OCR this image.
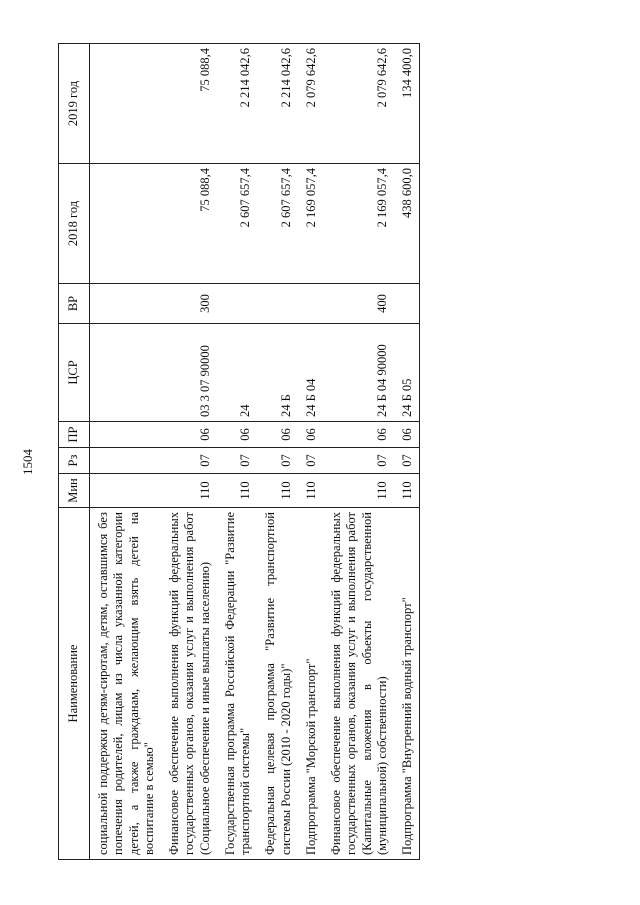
1504
Наименование	Мин	Рз	ПР	ЦСР	ВР	2018 год	2019 год
социальной поддержки детям-сиротам, детям, оставшимся без попечения родителей, лицам из числа указанной категории детей, а также гражданам, желающим взять детей на воспитание в семью"							
Финансовое обеспечение выполнения функций федеральных государственных органов, оказания услуг и выполнения работ (Социальное обеспечение и иные выплаты населению)	110	07	06	03 3 07 90000	300	75 088,4	75 088,4
Государственная программа Российской Федерации "Развитие транспортной системы"	110	07	06	24		2 607 657,4	2 214 042,6
Федеральная целевая программа "Развитие транспортной системы России (2010 - 2020 годы)"	110	07	06	24 Б		2 607 657,4	2 214 042,6
Подпрограмма "Морской транспорт"	110	07	06	24 Б 04		2 169 057,4	2 079 642,6
Финансовое обеспечение выполнения функций федеральных государственных органов, оказания услуг и выполнения работ (Капитальные вложения в объекты государственной (муниципальной) собственности)	110	07	06	24 Б 04 90000	400	2 169 057,4	2 079 642,6
Подпрограмма "Внутренний водный транспорт"	110	07	06	24 Б 05		438 600,0	134 400,0
